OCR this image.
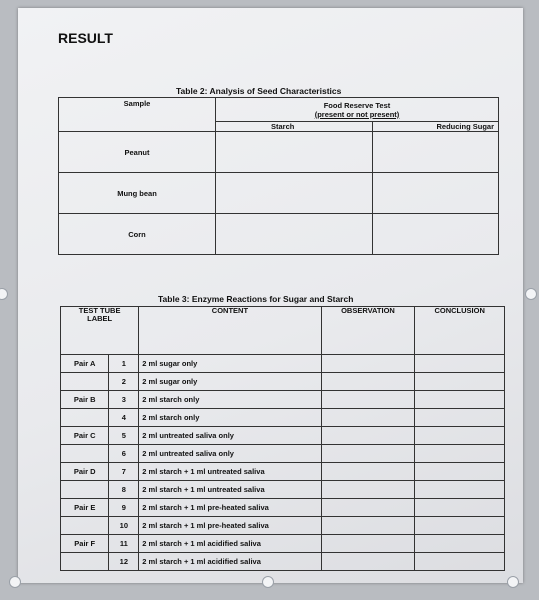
RESULT
Table 2: Analysis of Seed Characteristics
Sample	Food Reserve Test
(present or not present)	

	Starch	Reducing Sugar
Peanut		
Mung bean		
Corn		
Table 3: Enzyme Reactions for Sugar and Starch
TEST TUBE
LABEL		CONTENT	OBSERVATION	CONCLUSION
Pair A	1	2 ml sugar only		
	2	2 ml sugar only		
Pair B	3	2 ml starch only		
	4	2 ml starch only		
Pair C	5	2 ml untreated saliva only		
	6	2 ml untreated saliva only		
Pair D	7	2 ml starch + 1 ml untreated saliva		
	8	2 ml starch + 1 ml untreated saliva		
Pair E	9	2 ml starch + 1 ml pre-heated saliva		
	10	2 ml starch + 1 ml pre-heated saliva		
Pair F	11	2 ml starch + 1 ml acidified saliva		
	12	2 ml starch + 1 ml acidified saliva		
